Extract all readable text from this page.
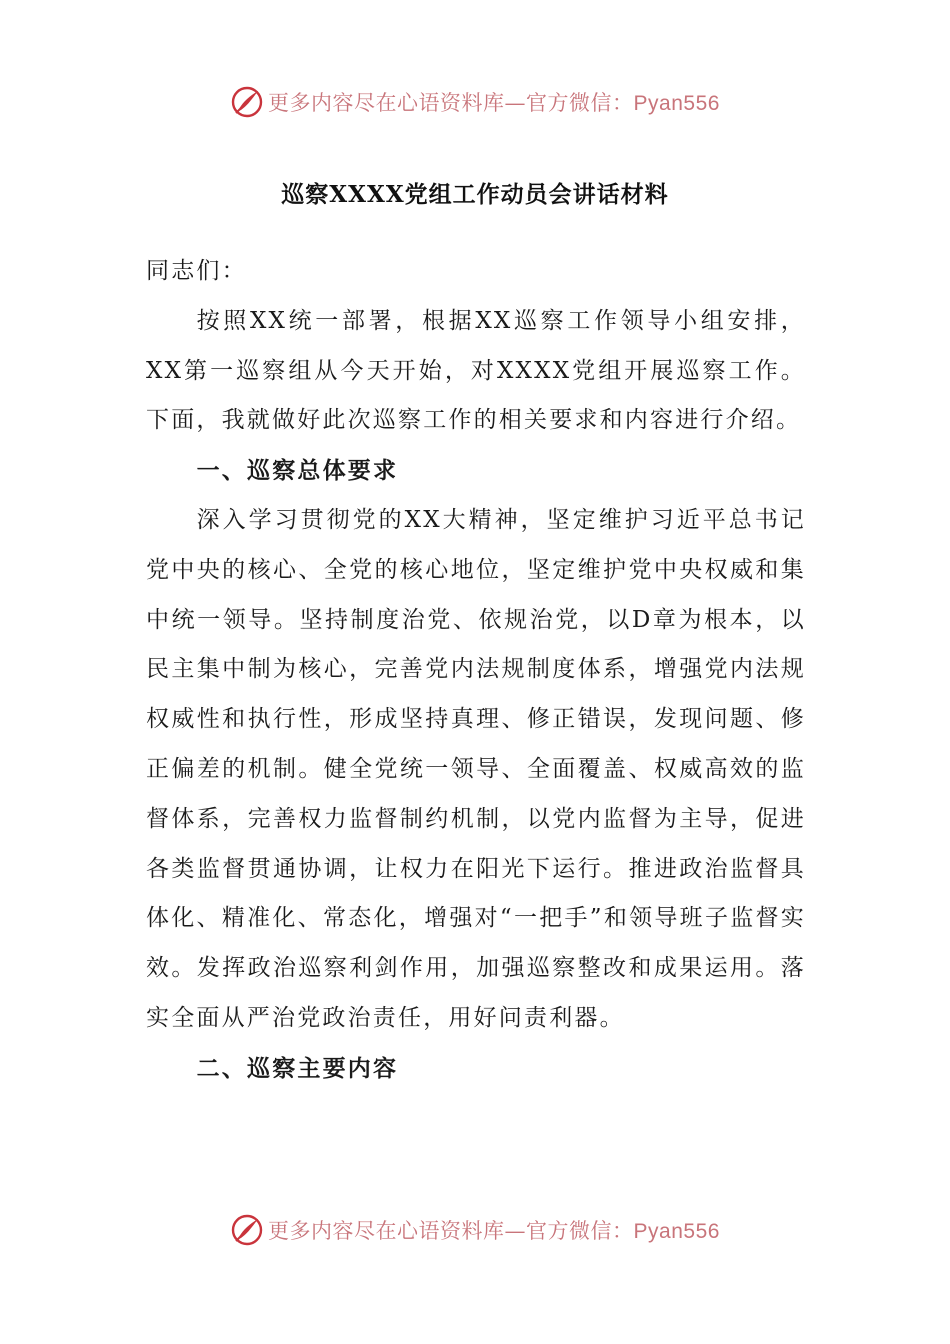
更多内容尽在心语资料库—官方微信：Pyan556
巡察XXXX党组工作动员会讲话材料

同志们：

按照XX统一部署，根据XX巡察工作领导小组安排，XX第一巡察组从今天开始，对XXXX党组开展巡察工作。下面，我就做好此次巡察工作的相关要求和内容进行介绍。

一、巡察总体要求

深入学习贯彻党的XX大精神，坚定维护习近平总书记党中央的核心、全党的核心地位，坚定维护党中央权威和集中统一领导。坚持制度治党、依规治党，以D章为根本，以民主集中制为核心，完善党内法规制度体系，增强党内法规权威性和执行性，形成坚持真理、修正错误，发现问题、修正偏差的机制。健全党统一领导、全面覆盖、权威高效的监督体系，完善权力监督制约机制，以党内监督为主导，促进各类监督贯通协调，让权力在阳光下运行。推进政治监督具体化、精准化、常态化，增强对“一把手”和领导班子监督实效。发挥政治巡察利剑作用，加强巡察整改和成果运用。落实全面从严治党政治责任，用好问责利器。

二、巡察主要内容

更多内容尽在心语资料库—官方微信：Pyan556
